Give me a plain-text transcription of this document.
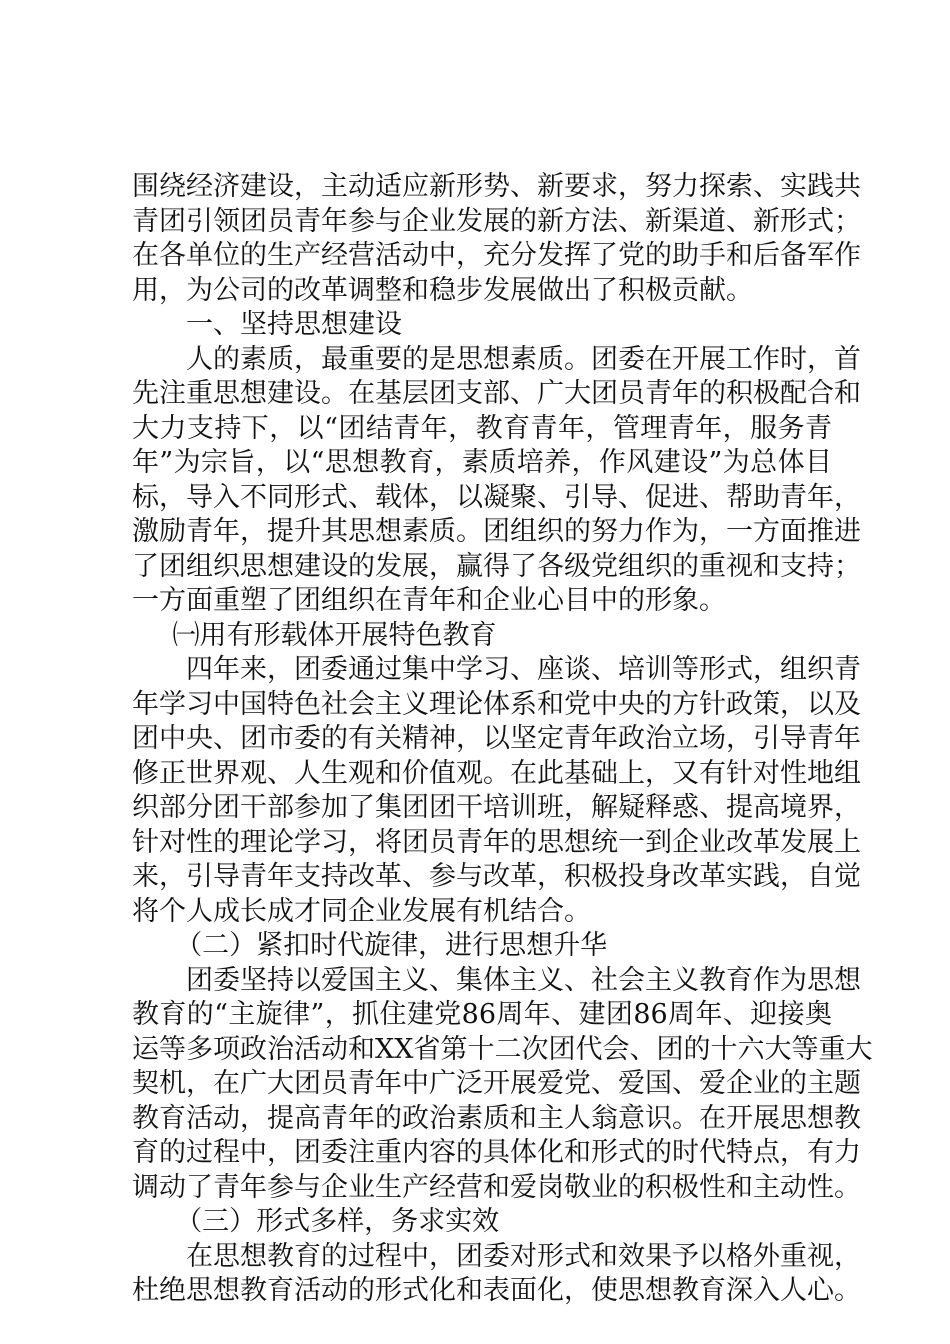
围绕经济建设，主动适应新形势、新要求，努力探索、实践共
青团引领团员青年参与企业发展的新方法、新渠道、新形式；
在各单位的生产经营活动中，充分发挥了党的助手和后备军作
用，为公司的改革调整和稳步发展做出了积极贡献。
一、坚持思想建设
人的素质，最重要的是思想素质。团委在开展工作时，首
先注重思想建设。在基层团支部、广大团员青年的积极配合和
大力支持下，以“团结青年，教育青年，管理青年，服务青
年”为宗旨，以“思想教育，素质培养，作风建设”为总体目
标，导入不同形式、载体，以凝聚、引导、促进、帮助青年，
激励青年，提升其思想素质。团组织的努力作为，一方面推进
了团组织思想建设的发展，赢得了各级党组织的重视和支持；
一方面重塑了团组织在青年和企业心目中的形象。
㈠用有形载体开展特色教育
四年来，团委通过集中学习、座谈、培训等形式，组织青
年学习中国特色社会主义理论体系和党中央的方针政策，以及
团中央、团市委的有关精神，以坚定青年政治立场，引导青年
修正世界观、人生观和价值观。在此基础上，又有针对性地组
织部分团干部参加了集团团干培训班，解疑释惑、提高境界，
针对性的理论学习，将团员青年的思想统一到企业改革发展上
来，引导青年支持改革、参与改革，积极投身改革实践，自觉
将个人成长成才同企业发展有机结合。
（二）紧扣时代旋律，进行思想升华
团委坚持以爱国主义、集体主义、社会主义教育作为思想
教育的“主旋律”，抓住建党86周年、建团86周年、迎接奥
运等多项政治活动和XX省第十二次团代会、团的十六大等重大
契机，在广大团员青年中广泛开展爱党、爱国、爱企业的主题
教育活动，提高青年的政治素质和主人翁意识。在开展思想教
育的过程中，团委注重内容的具体化和形式的时代特点，有力
调动了青年参与企业生产经营和爱岗敬业的积极性和主动性。
（三）形式多样，务求实效
在思想教育的过程中，团委对形式和效果予以格外重视，
杜绝思想教育活动的形式化和表面化，使思想教育深入人心。
